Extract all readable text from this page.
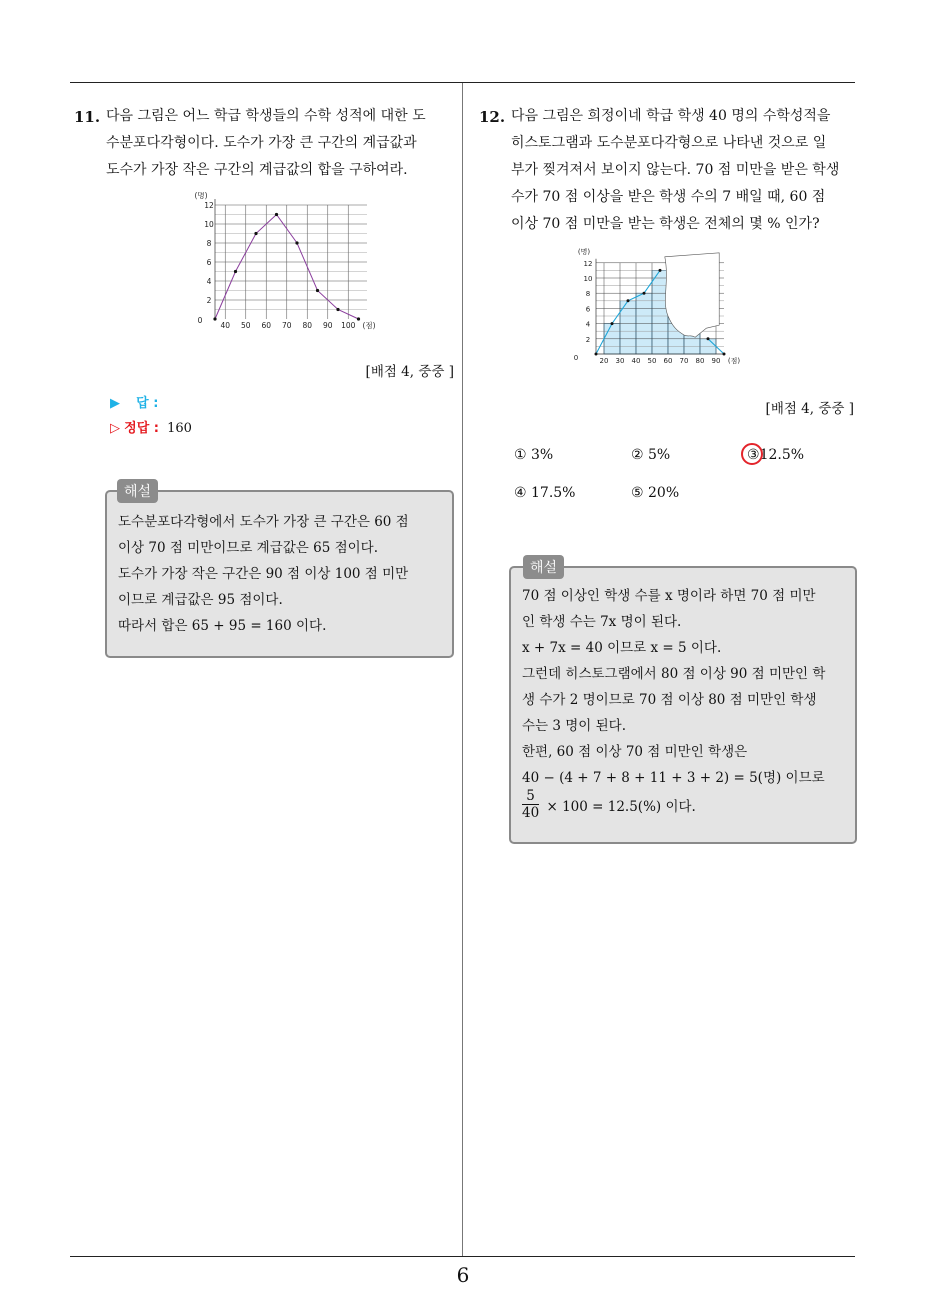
11. 다음 그림은 어느 학급 학생들의 수학 성적에 대한 도
수분포다각형이다. 도수가 가장 큰 구간의 계급값과
도수가 가장 작은 구간의 계급값의 합을 구하여라.
2
4
6
8
10
12
0
(명)
40 50 60 70 80 90 100 (점)
[배점 4, 중중 ]
▶ 답 :
▷ 정답 : 160
해설
도수분포다각형에서 도수가 가장 큰 구간은 60 점
이상 70 점 미만이므로 계급값은 65 점이다.
도수가 가장 작은 구간은 90 점 이상 100 점 미만
이므로 계급값은 95 점이다.
따라서 합은 65 + 95 = 160 이다.
12. 다음 그림은 희정이네 학급 학생 40 명의 수학성적을
히스토그램과 도수분포다각형으로 나타낸 것으로 일
부가 찢겨져서 보이지 않는다. 70 점 미만을 받은 학생
수가 70 점 이상을 받은 학생 수의 7 배일 때, 60 점
이상 70 점 미만을 받는 학생은 전체의 몇 % 인가?
2
4
6
8
10
12
0
(명)
20 30 40 50 60 70 80 90 (점)
[배점 4, 중중 ]
① 3%	② 5%	③12.5%
④ 17.5%	⑤ 20%
해설
70 점 이상인 학생 수를 x 명이라 하면 70 점 미만
인 학생 수는 7x 명이 된다.
x + 7x = 40 이므로 x = 5 이다.
그런데 히스토그램에서 80 점 이상 90 점 미만인 학
생 수가 2 명이므로 70 점 이상 80 점 미만인 학생
수는 3 명이 된다.
한편, 60 점 이상 70 점 미만인 학생은
40 − (4 + 7 + 8 + 11 + 3 + 2) = 5(명) 이므로
$\frac{5}{40} \times 100 = 12.5(\%)$ 이다.
6
